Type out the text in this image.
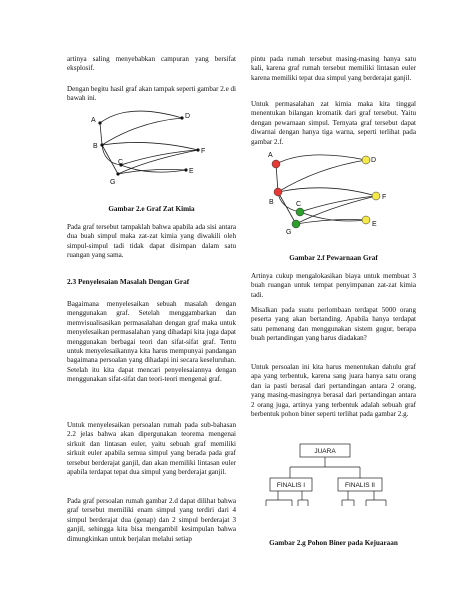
artinya saling menyebabkan campuran yang bersifat eksplosif.

Dengan begitu hasil graf akan tampak seperti gambar 2.e di bawah ini.

A
B
C
D
E
F
G

Gambar 2.e Graf Zat Kimia

Pada graf tersebut tampaklah bahwa apabila ada sisi antara dua buah simpul maka zat-zat kimia yang diwakili oleh simpul-simpul tadi tidak dapat disimpan dalam satu ruangan yang sama.

2.3 Penyelesaian Masalah Dengan Graf

Bagaimana menyelesaikan sebuah masalah dengan menggunakan graf. Setelah menggambarkan dan memvisualisasikan permasalahan dengan graf maka untuk menyelesaikan permasalahan yang dihadapi kita juga dapat menggunakan berbagai teori dan sifat-sifat graf. Tentu untuk menyelesaikannya kita harus mempunyai pandangan bagaimana persoalan yang dihadapi ini secara keseluruhan. Setelah itu kita dapat mencari penyelesaiannya dengan menggunakan sifat-sifat dan teori-teori mengenai graf.

Untuk menyelesaikan persoalan rumah pada sub-bahasan 2.2 jelas bahwa akan dipergunakan teorema mengenai sirkuit dan lintasan euler, yaitu sebuah graf memiliki sirkuit euler apabila semua simpul yang berada pada graf tersebut berderajat ganjil, dan akan memiliki lintasan euler apabila terdapat tepat dua simpul yang berderajat ganjil.

Pada graf persoalan rumah gambar 2.d dapat dilihat bahwa graf tersebut memiliki enam simpul yang terdiri dari 4 simpul berderajat dua (genap) dan 2 simpul berderajat 3 ganjil, sehingga kita bisa mengambil kesimpulan bahwa dimungkinkan untuk berjalan melalui setiap

pintu pada rumah tersebut masing-masing hanya satu kali, karena graf rumah tersebut memiliki lintasan euler karena memiliki tepat dua simpul yang berderajat ganjil.

Untuk permasalahan zat kimia maka kita tinggal menentukan bilangan kromatik dari graf tersebut. Yaitu dengan pewarnaan simpul. Ternyata graf tersebut dapat diwarnai dengan hanya tiga warna, seperti terlihat pada gambar 2.f.

A
B	C
D
E
F
G

Gambar 2.f Pewarnaan Graf

Artinya cukup mengalokasikan biaya untuk membuat 3 buah ruangan untuk tempat penyimpanan zat-zat kimia tadi.

Misalkan pada suatu perlombaan terdapat 5000 orang peserta yang akan bertanding. Apabila hanya terdapat satu pemenang dan menggunakan sistem gugur, berapa buah pertandingan yang harus diadakan?

Untuk persoalan ini kita harus menentukan dahulu graf apa yang terbentuk, karena sang juara hanya satu orang dan ia pasti berasal dari pertandingan antara 2 orang, yang masing-masingnya berasal dari pertandingan antara 2 orang juga, artinya yang terbentuk adalah sebuah graf berbentuk pohon biner seperti terlihat pada gambar 2.g.

JUARA
FINALIS I	FINALIS II

Gambar 2.g Pohon Biner pada Kejuaraan
